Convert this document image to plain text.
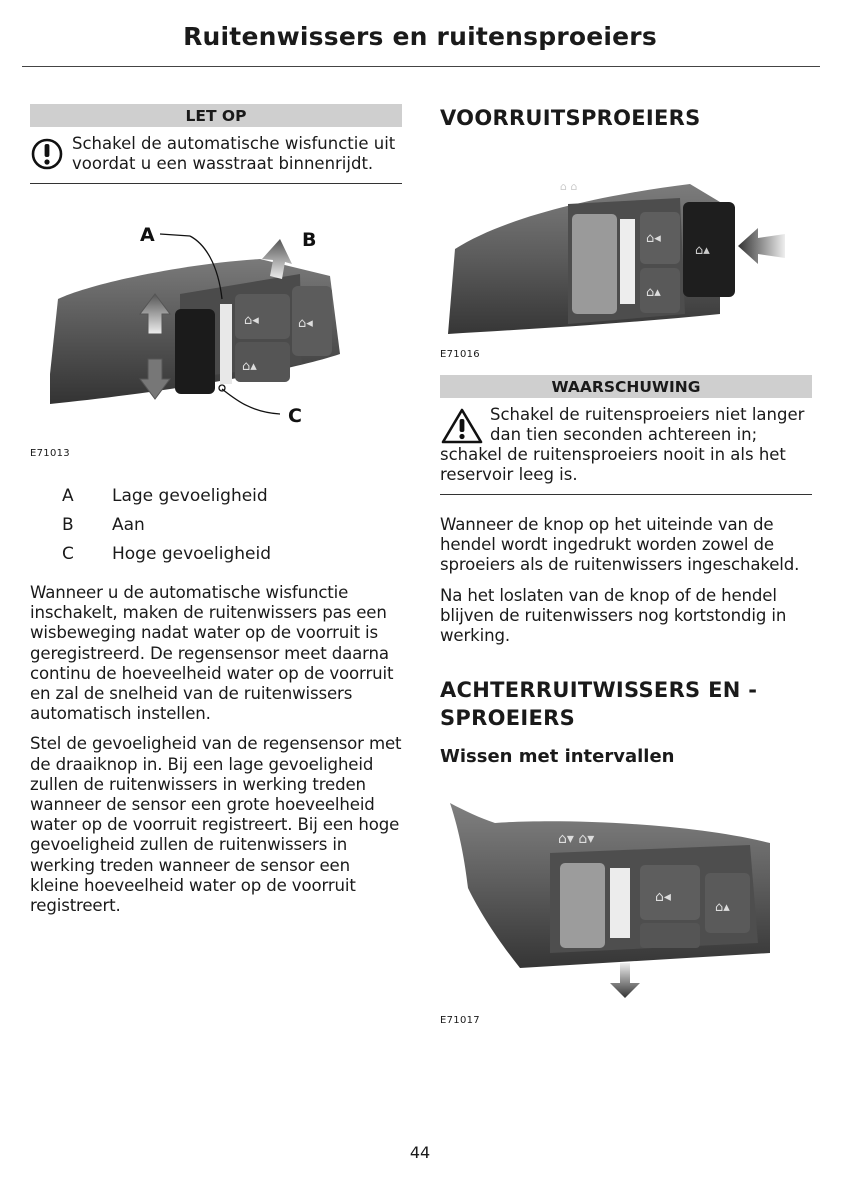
Ruitenwissers en ruitensproeiers
LET OP
Schakel de automatische wisfunctie uit voordat u een wasstraat binnenrijdt.
⌂◂
⌂▴
⌂◂
A	B
C
E71013
A Lage gevoeligheid
B Aan
C Hoge gevoeligheid

Wanneer u de automatische wisfunctie inschakelt, maken de ruitenwissers pas een wisbeweging nadat water op de voorruit is geregistreerd. De regensensor meet daarna continu de hoeveelheid water op de voorruit en zal de snelheid van de ruitenwissers automatisch instellen.

Stel de gevoeligheid van de regensensor met de draaiknop in. Bij een lage gevoeligheid zullen de ruitenwissers in werking treden wanneer de sensor een grote hoeveelheid water op de voorruit registreert. Bij een hoge gevoeligheid zullen de ruitenwissers in werking treden wanneer de sensor een kleine hoeveelheid water op de voorruit registreert.

VOORRUITSPROEIERS
⌂ ⌂
⌂◂
⌂▴
⌂▴
E71016
WAARSCHUWING
Schakel de ruitensproeiers niet langer dan tien seconden achtereen in; schakel de ruitensproeiers nooit in als het reservoir leeg is.

Wanneer de knop op het uiteinde van de hendel wordt ingedrukt worden zowel de sproeiers als de ruitenwissers ingeschakeld.

Na het loslaten van de knop of de hendel blijven de ruitenwissers nog kortstondig in werking.

ACHTERRUITWISSERS EN - SPROEIERS
Wissen met intervallen
⌂▾ ⌂▾
⌂◂
⌂▴
E71017
44
